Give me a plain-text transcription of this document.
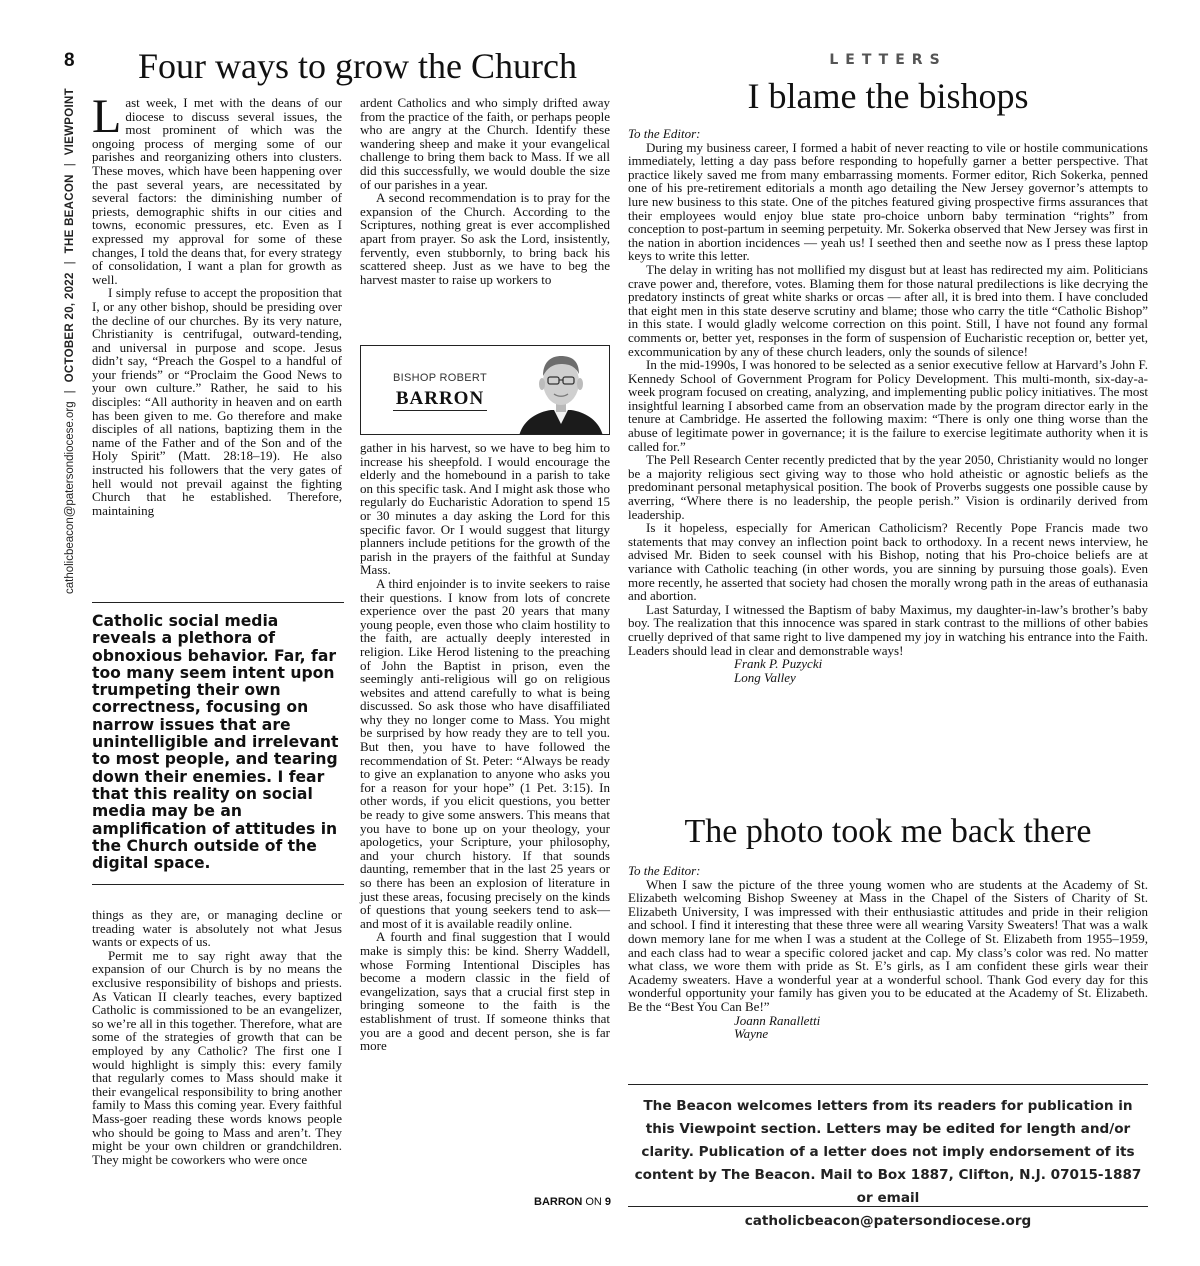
catholicbeacon@patersondiocese.org|OCTOBER 20, 2022|THE BEACON|VIEWPOINT
8 Four ways to grow the Church

Last week, I met with the deans of our diocese to discuss several issues, the most prominent of which was the ongoing process of merging some of our parishes and reorganizing others into clusters. These moves, which have been happening over the past several years, are necessitated by several factors: the diminishing number of priests, demographic shifts in our cities and towns, economic pressures, etc. Even as I expressed my approval for some of these changes, I told the deans that, for every strategy of consolidation, I want a plan for growth as well.

I simply refuse to accept the proposition that I, or any other bishop, should be presiding over the decline of our churches. By its very nature, Christianity is centrifugal, outward-tending, and universal in purpose and scope. Jesus didn’t say, “Preach the Gospel to a handful of your friends” or “Proclaim the Good News to your own culture.” Rather, he said to his disciples: “All authority in heaven and on earth has been given to me. Go therefore and make disciples of all nations, baptizing them in the name of the Father and of the Son and of the Holy Spirit” (Matt. 28:18–19). He also instructed his followers that the very gates of hell would not prevail against the fighting Church that he established. Therefore, maintaining

Catholic social media reveals a plethora of obnoxious behavior. Far, far too many seem intent upon trumpeting their own correctness, focusing on narrow issues that are unintelligible and irrelevant to most people, and tearing down their enemies. I fear that this reality on social media may be an amplification of attitudes in the Church outside of the digital space.

things as they are, or managing decline or treading water is absolutely not what Jesus wants or expects of us.

Permit me to say right away that the expansion of our Church is by no means the exclusive responsibility of bishops and priests. As Vatican II clearly teaches, every baptized Catholic is commissioned to be an evangelizer, so we’re all in this together. Therefore, what are some of the strategies of growth that can be employed by any Catholic? The first one I would highlight is simply this: every family that regularly comes to Mass should make it their evangelical responsibility to bring another family to Mass this coming year. Every faithful Mass-goer reading these words knows people who should be going to Mass and aren’t. They might be your own children or grandchildren. They might be coworkers who were once

ardent Catholics and who simply drifted away from the practice of the faith, or perhaps people who are angry at the Church. Identify these wandering sheep and make it your evangelical challenge to bring them back to Mass. If we all did this successfully, we would double the size of our parishes in a year.

A second recommendation is to pray for the expansion of the Church. According to the Scriptures, nothing great is ever accomplished apart from prayer. So ask the Lord, insistently, fervently, even stubbornly, to bring back his scattered sheep. Just as we have to beg the harvest master to raise up workers to

BISHOP ROBERT
BARRON

gather in his harvest, so we have to beg him to increase his sheepfold. I would encourage the elderly and the homebound in a parish to take on this specific task. And I might ask those who regularly do Eucharistic Adoration to spend 15 or 30 minutes a day asking the Lord for this specific favor. Or I would suggest that liturgy planners include petitions for the growth of the parish in the prayers of the faithful at Sunday Mass.

A third enjoinder is to invite seekers to raise their questions. I know from lots of concrete experience over the past 20 years that many young people, even those who claim hostility to the faith, are actually deeply interested in religion. Like Herod listening to the preaching of John the Baptist in prison, even the seemingly anti-religious will go on religious websites and attend carefully to what is being discussed. So ask those who have disaffiliated why they no longer come to Mass. You might be surprised by how ready they are to tell you. But then, you have to have followed the recommendation of St. Peter: “Always be ready to give an explanation to anyone who asks you for a reason for your hope” (1 Pet. 3:15). In other words, if you elicit questions, you better be ready to give some answers. This means that you have to bone up on your theology, your apologetics, your Scripture, your philosophy, and your church history. If that sounds daunting, remember that in the last 25 years or so there has been an explosion of literature in just these areas, focusing precisely on the kinds of questions that young seekers tend to ask—and most of it is available readily online.

A fourth and final suggestion that I would make is simply this: be kind. Sherry Waddell, whose Forming Intentional Disciples has become a modern classic in the field of evangelization, says that a crucial first step in bringing someone to the faith is the establishment of trust. If someone thinks that you are a good and decent person, she is far more

BARRON ON 9
LETTERS
I blame the bishops

To the Editor:

During my business career, I formed a habit of never reacting to vile or hostile communications immediately, letting a day pass before responding to hopefully garner a better perspective. That practice likely saved me from many embarrassing moments. Former editor, Rich Sokerka, penned one of his pre-retirement editorials a month ago detailing the New Jersey governor’s attempts to lure new business to this state. One of the pitches featured giving prospective firms assurances that their employees would enjoy blue state pro-choice unborn baby termination “rights” from conception to post-partum in seeming perpetuity. Mr. Sokerka observed that New Jersey was first in the nation in abortion incidences — yeah us! I seethed then and seethe now as I press these laptop keys to write this letter.

The delay in writing has not mollified my disgust but at least has redirected my aim. Politicians crave power and, therefore, votes. Blaming them for those natural predilections is like decrying the predatory instincts of great white sharks or orcas — after all, it is bred into them. I have concluded that eight men in this state deserve scrutiny and blame; those who carry the title “Catholic Bishop” in this state. I would gladly welcome correction on this point. Still, I have not found any formal comments or, better yet, responses in the form of suspension of Eucharistic reception or, better yet, excommunication by any of these church leaders, only the sounds of silence!

In the mid-1990s, I was honored to be selected as a senior executive fellow at Harvard’s John F. Kennedy School of Government Program for Policy Development. This multi-month, six-day-a-week program focused on creating, analyzing, and implementing public policy initiatives. The most insightful learning I absorbed came from an observation made by the program director early in the tenure at Cambridge. He asserted the following maxim: “There is only one thing worse than the abuse of legitimate power in governance; it is the failure to exercise legitimate authority when it is called for.”

The Pell Research Center recently predicted that by the year 2050, Christianity would no longer be a majority religious sect giving way to those who hold atheistic or agnostic beliefs as the predominant personal metaphysical position. The book of Proverbs suggests one possible cause by averring, “Where there is no leadership, the people perish.” Vision is ordinarily derived from leadership.

Is it hopeless, especially for American Catholicism? Recently Pope Francis made two statements that may convey an inflection point back to orthodoxy. In a recent news interview, he advised Mr. Biden to seek counsel with his Bishop, noting that his Pro-choice beliefs are at variance with Catholic teaching (in other words, you are sinning by pursuing those goals). Even more recently, he asserted that society had chosen the morally wrong path in the areas of euthanasia and abortion.

Last Saturday, I witnessed the Baptism of baby Maximus, my daughter-in-law’s brother’s baby boy. The realization that this innocence was spared in stark contrast to the millions of other babies cruelly deprived of that same right to live dampened my joy in watching his entrance into the Faith. Leaders should lead in clear and demonstrable ways!

Frank P. Puzycki

Long Valley

The photo took me back there

To the Editor:

When I saw the picture of the three young women who are students at the Academy of St. Elizabeth welcoming Bishop Sweeney at Mass in the Chapel of the Sisters of Charity of St. Elizabeth University, I was impressed with their enthusiastic attitudes and pride in their religion and school. I find it interesting that these three were all wearing Varsity Sweaters! That was a walk down memory lane for me when I was a student at the College of St. Elizabeth from 1955–1959, and each class had to wear a specific colored jacket and cap. My class’s color was red. No matter what class, we wore them with pride as St. E’s girls, as I am confident these girls wear their Academy sweaters. Have a wonderful year at a wonderful school. Thank God every day for this wonderful opportunity your family has given you to be educated at the Academy of St. Elizabeth. Be the “Best You Can Be!”

Joann Ranalletti

Wayne

The Beacon welcomes letters from its readers for publication in this Viewpoint section. Letters may be edited for length and/or clarity. Publication of a letter does not imply endorsement of its content by The Beacon. Mail to Box 1887, Clifton, N.J. 07015-1887 or email
catholicbeacon@patersondiocese.org
